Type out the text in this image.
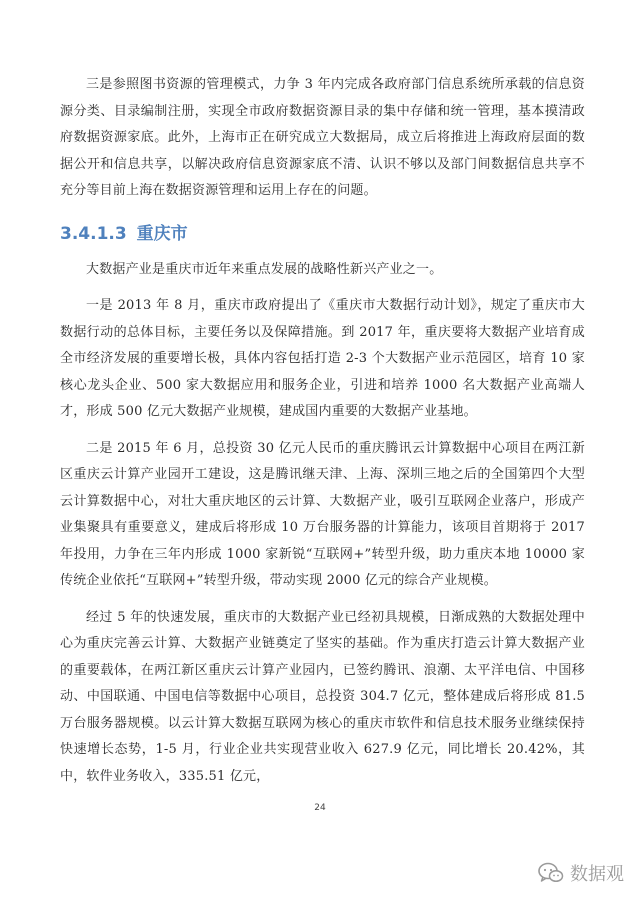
三是参照图书资源的管理模式，力争 3 年内完成各政府部门信息系统所承载的信息资源分类、目录编制注册，实现全市政府数据资源目录的集中存储和统一管理，基本摸清政府数据资源家底。此外，上海市正在研究成立大数据局，成立后将推进上海政府层面的数据公开和信息共享，以解决政府信息资源家底不清、认识不够以及部门间数据信息共享不充分等目前上海在数据资源管理和运用上存在的问题。

3.4.1.3 重庆市

大数据产业是重庆市近年来重点发展的战略性新兴产业之一。

一是 2013 年 8 月，重庆市政府提出了《重庆市大数据行动计划》，规定了重庆市大数据行动的总体目标，主要任务以及保障措施。到 2017 年，重庆要将大数据产业培育成全市经济发展的重要增长极，具体内容包括打造 2-3 个大数据产业示范园区，培育 10 家核心龙头企业、500 家大数据应用和服务企业，引进和培养 1000 名大数据产业高端人才，形成 500 亿元大数据产业规模，建成国内重要的大数据产业基地。

二是 2015 年 6 月，总投资 30 亿元人民币的重庆腾讯云计算数据中心项目在两江新区重庆云计算产业园开工建设，这是腾讯继天津、上海、深圳三地之后的全国第四个大型云计算数据中心，对壮大重庆地区的云计算、大数据产业，吸引互联网企业落户，形成产业集聚具有重要意义，建成后将形成 10 万台服务器的计算能力，该项目首期将于 2017 年投用，力争在三年内形成 1000 家新锐“互联网+”转型升级，助力重庆本地 10000 家传统企业依托“互联网+”转型升级，带动实现 2000 亿元的综合产业规模。

经过 5 年的快速发展，重庆市的大数据产业已经初具规模，日渐成熟的大数据处理中心为重庆完善云计算、大数据产业链奠定了坚实的基础。作为重庆打造云计算大数据产业的重要载体，在两江新区重庆云计算产业园内，已签约腾讯、浪潮、太平洋电信、中国移动、中国联通、中国电信等数据中心项目，总投资 304.7 亿元，整体建成后将形成 81.5 万台服务器规模。以云计算大数据互联网为核心的重庆市软件和信息技术服务业继续保持快速增长态势，1-5 月，行业企业共实现营业收入 627.9 亿元，同比增长 20.42%，其中，软件业务收入，335.51 亿元，

24
数据观
